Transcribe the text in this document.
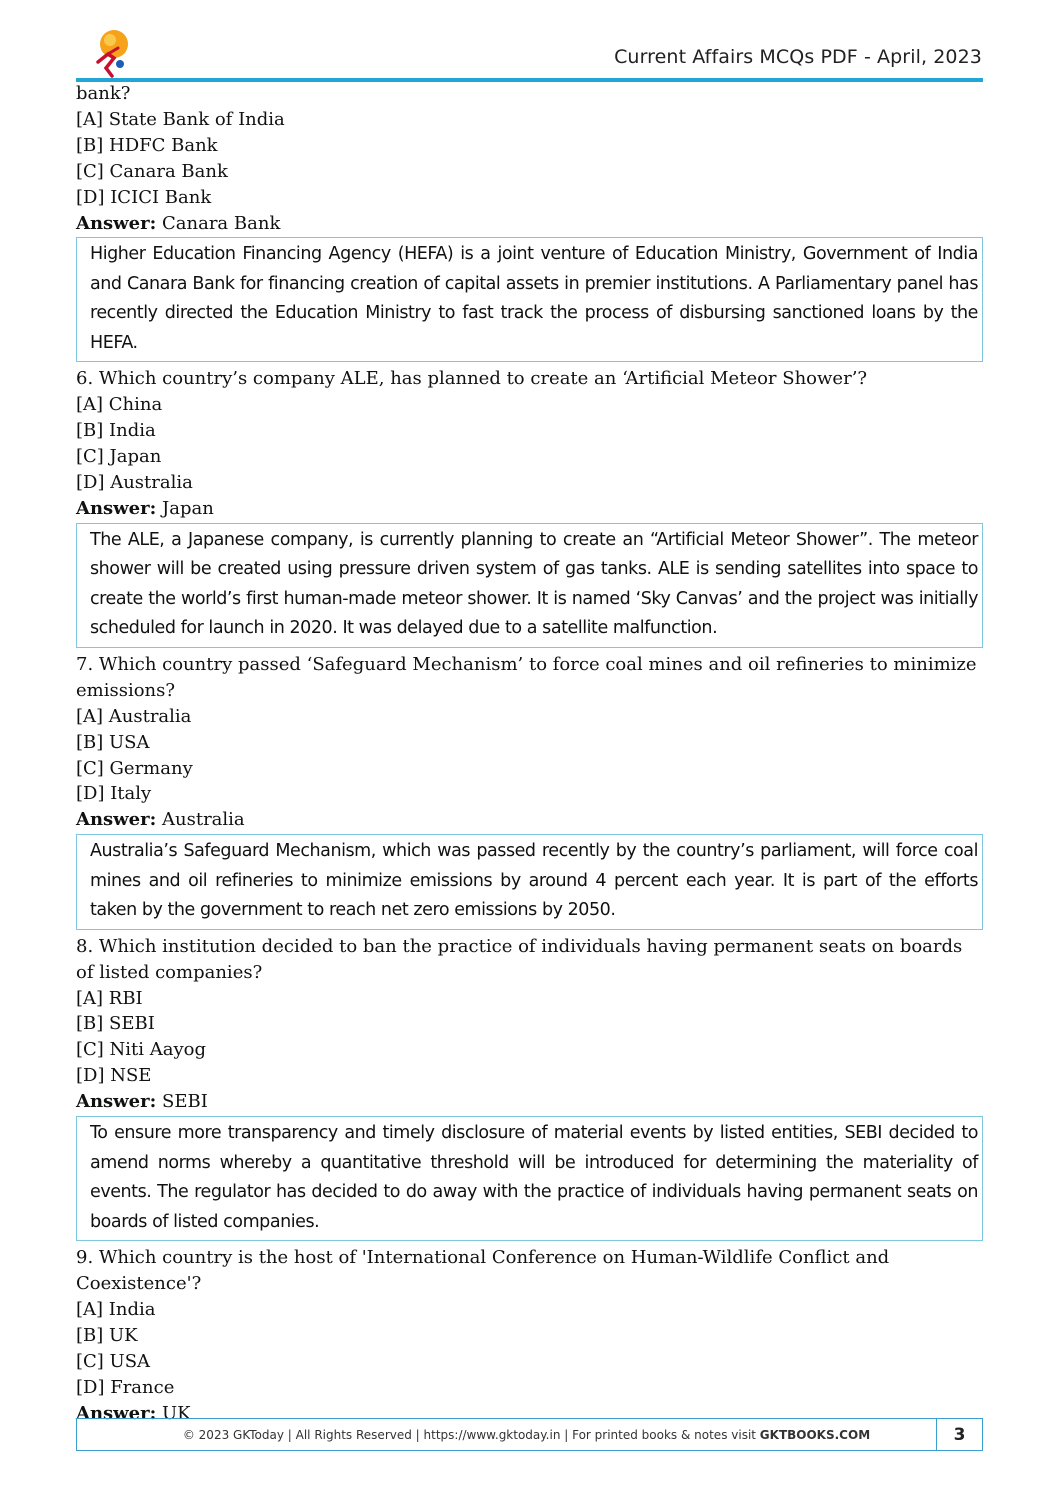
Current Affairs MCQs PDF - April, 2023
bank?
[A] State Bank of India
[B] HDFC Bank
[C] Canara Bank
[D] ICICI Bank
Answer: Canara Bank
Higher Education Financing Agency (HEFA) is a joint venture of Education Ministry, Government of India and Canara Bank for financing creation of capital assets in premier institutions. A Parliamentary panel has recently directed the Education Ministry to fast track the process of disbursing sanctioned loans by the HEFA.
6. Which country’s company ALE, has planned to create an ‘Artificial Meteor Shower’?
[A] China
[B] India
[C] Japan
[D] Australia
Answer: Japan
The ALE, a Japanese company, is currently planning to create an “Artificial Meteor Shower”. The meteor shower will be created using pressure driven system of gas tanks. ALE is sending satellites into space to create the world’s first human-made meteor shower. It is named ‘Sky Canvas’ and the project was initially scheduled for launch in 2020. It was delayed due to a satellite malfunction.
7. Which country passed ‘Safeguard Mechanism’ to force coal mines and oil refineries to minimize emissions?
[A] Australia
[B] USA
[C] Germany
[D] Italy
Answer: Australia
Australia’s Safeguard Mechanism, which was passed recently by the country’s parliament, will force coal mines and oil refineries to minimize emissions by around 4 percent each year. It is part of the efforts taken by the government to reach net zero emissions by 2050.
8. Which institution decided to ban the practice of individuals having permanent seats on boards of listed companies?
[A] RBI
[B] SEBI
[C] Niti Aayog
[D] NSE
Answer: SEBI
To ensure more transparency and timely disclosure of material events by listed entities, SEBI decided to amend norms whereby a quantitative threshold will be introduced for determining the materiality of events. The regulator has decided to do away with the practice of individuals having permanent seats on boards of listed companies.
9. Which country is the host of 'International Conference on Human-Wildlife Conflict and Coexistence'?
[A] India
[B] UK
[C] USA
[D] France
Answer: UK
© 2023 GKToday | All Rights Reserved | https://www.gktoday.in | For printed books & notes visit GKTBOOKS.COM	3
